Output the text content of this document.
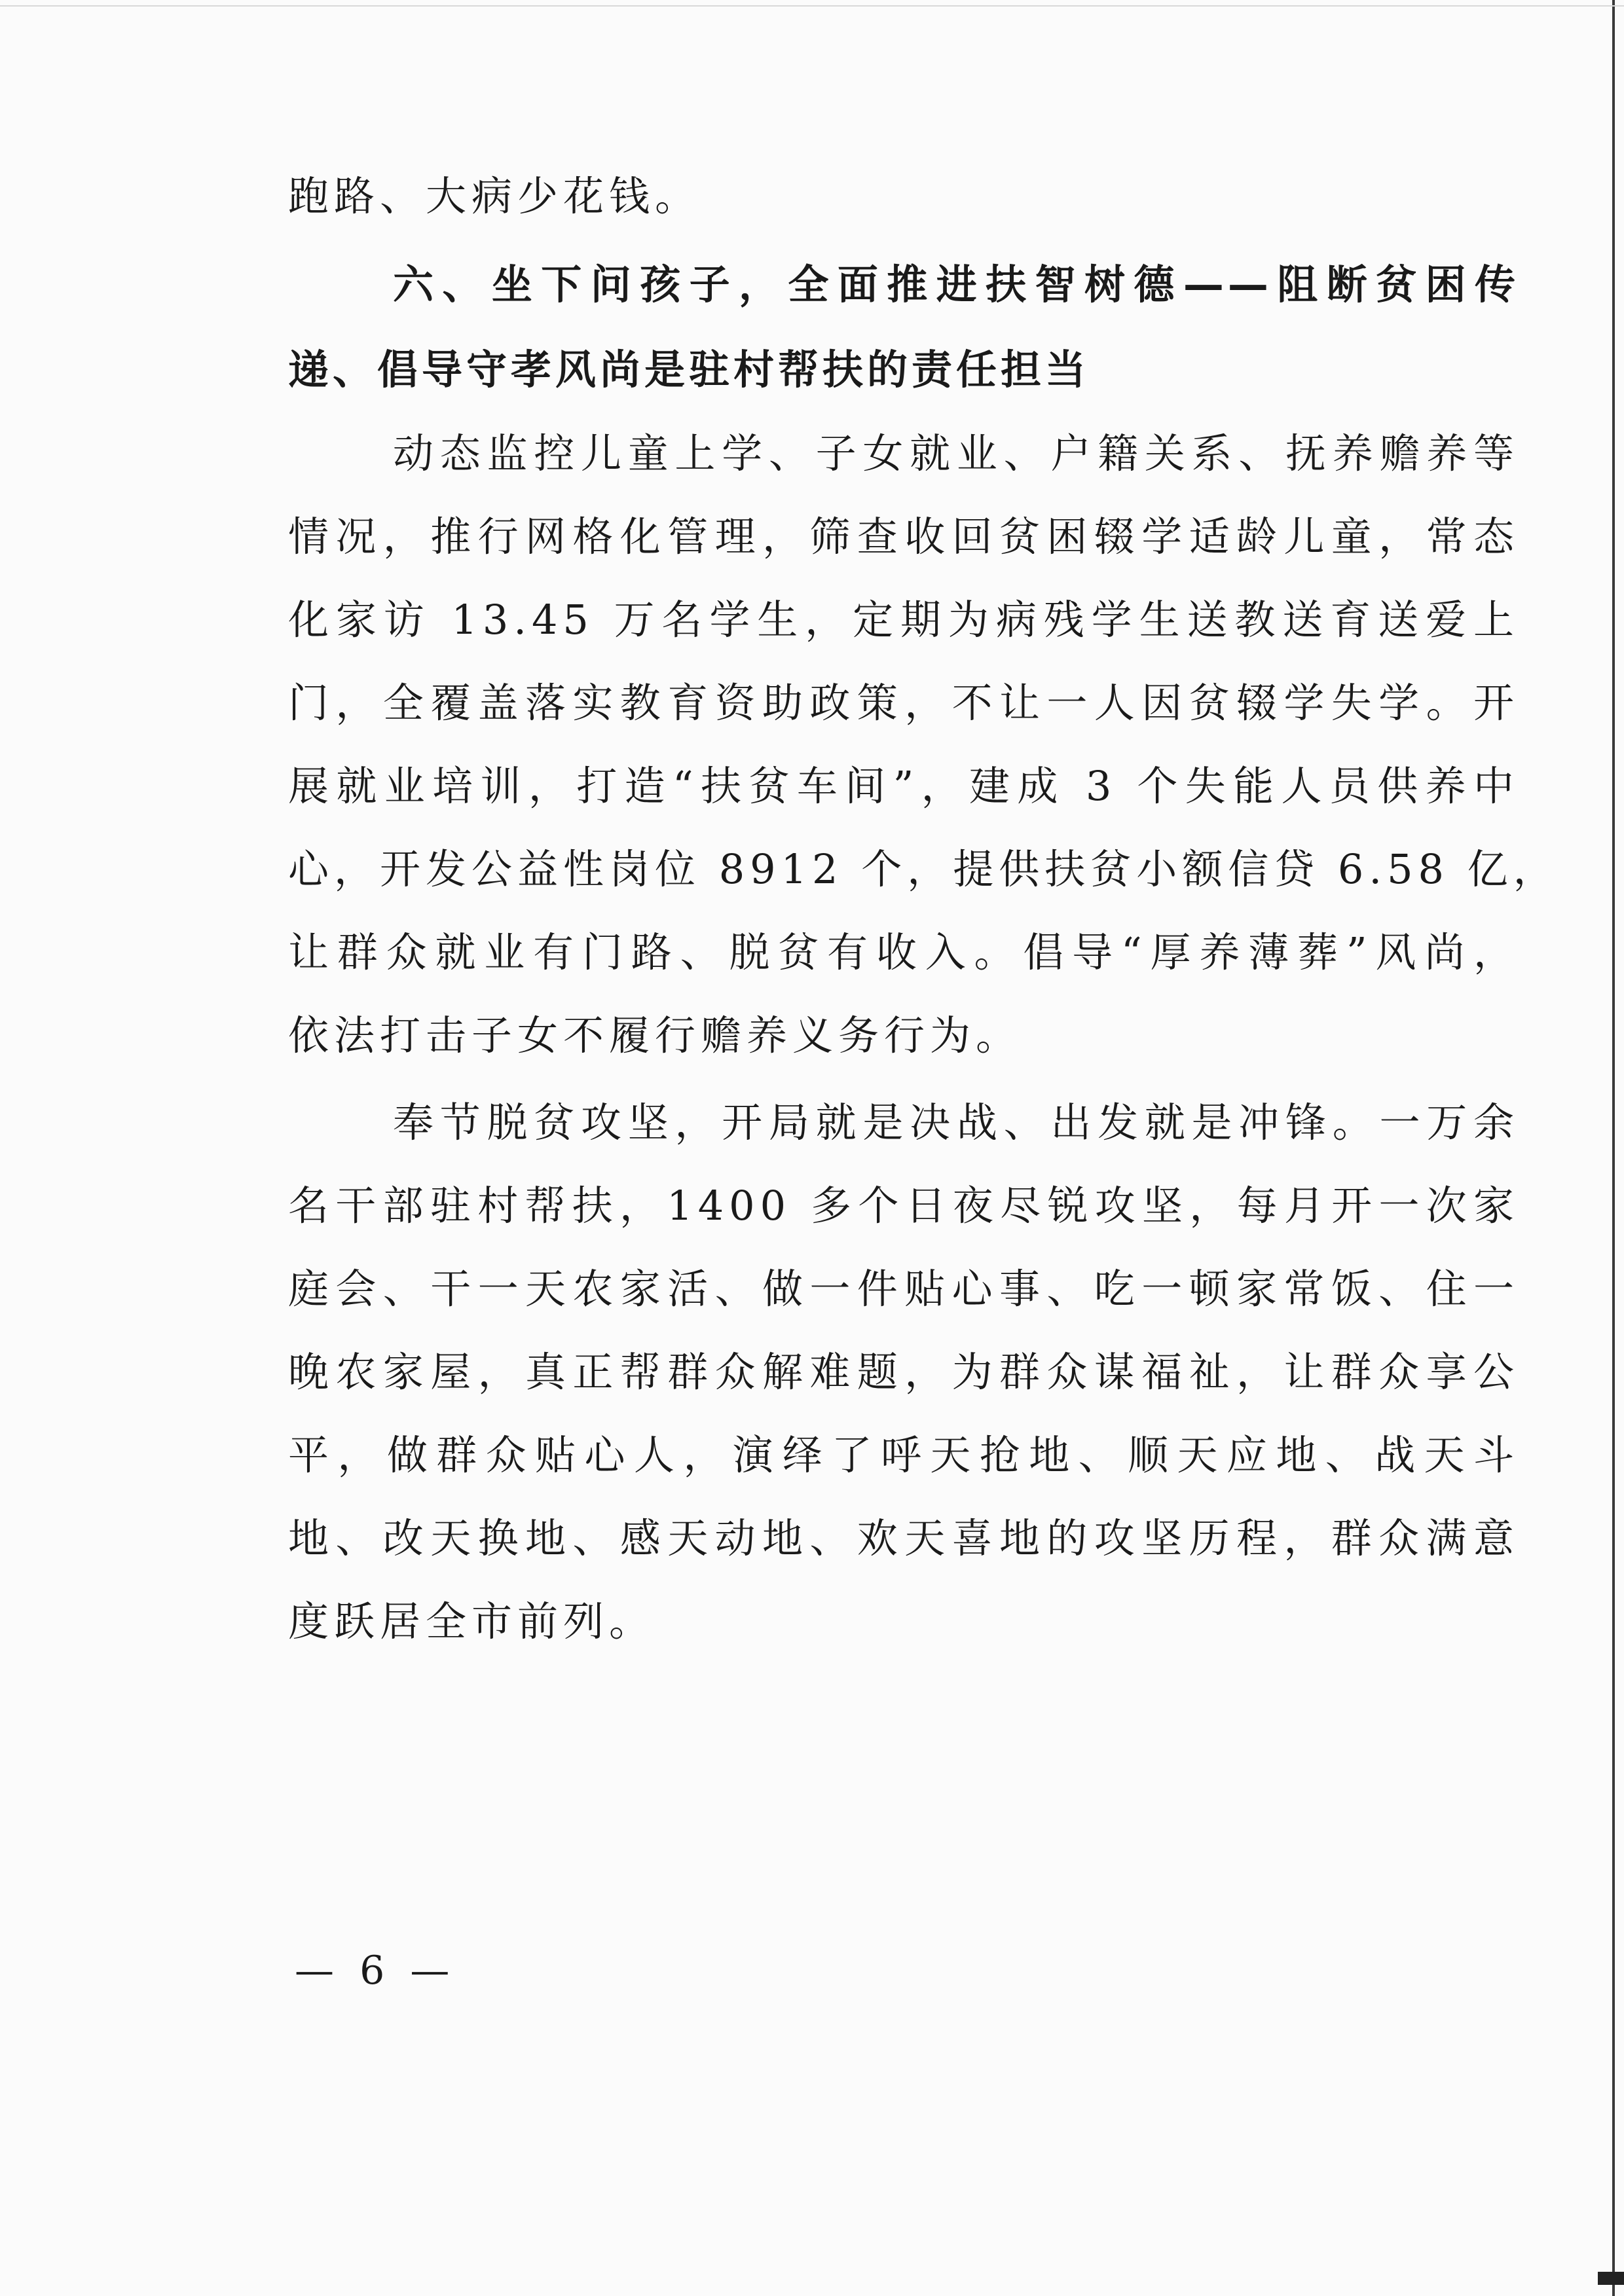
跑路、大病少花钱。
六、坐下问孩子，全面推进扶智树德——阻断贫困传
递、倡导守孝风尚是驻村帮扶的责任担当
动态监控儿童上学、子女就业、户籍关系、抚养赡养等
情况，推行网格化管理，筛查收回贫困辍学适龄儿童，常态
化家访 13.45 万名学生，定期为病残学生送教送育送爱上
门，全覆盖落实教育资助政策，不让一人因贫辍学失学。开
展就业培训，打造“扶贫车间”，建成 3 个失能人员供养中
心，开发公益性岗位 8912 个，提供扶贫小额信贷 6.58 亿，
让群众就业有门路、脱贫有收入。倡导“厚养薄葬”风尚，
依法打击子女不履行赡养义务行为。
奉节脱贫攻坚，开局就是决战、出发就是冲锋。一万余
名干部驻村帮扶，1400 多个日夜尽锐攻坚，每月开一次家
庭会、干一天农家活、做一件贴心事、吃一顿家常饭、住一
晚农家屋，真正帮群众解难题，为群众谋福祉，让群众享公
平，做群众贴心人，演绎了呼天抢地、顺天应地、战天斗
地、改天换地、感天动地、欢天喜地的攻坚历程，群众满意
度跃居全市前列。
— 6 —
